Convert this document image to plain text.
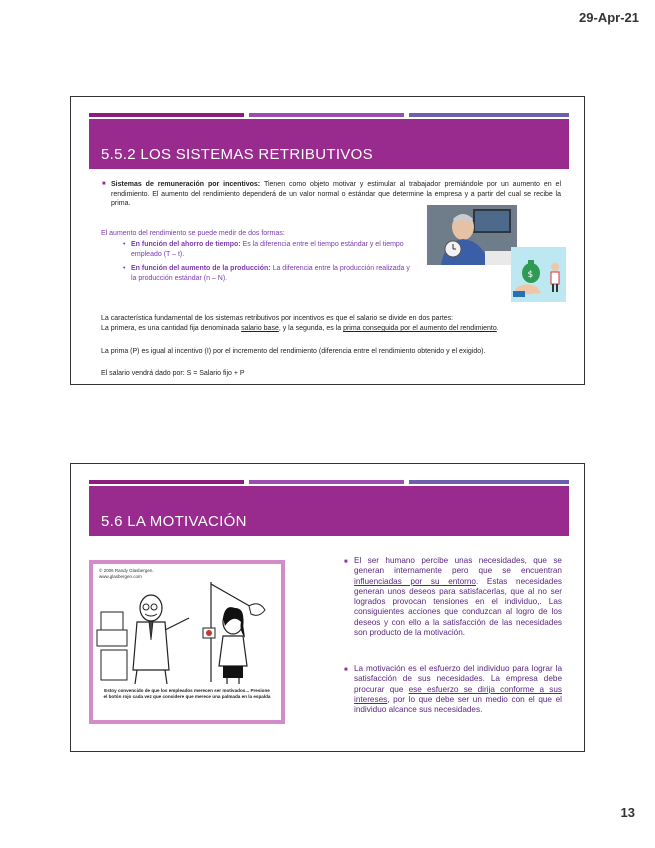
29-Apr-21
5.5.2 LOS SISTEMAS RETRIBUTIVOS
■ Sistemas de remuneración por incentivos: Tienen como objeto motivar y estimular al trabajador premiándole por un aumento en el rendimiento. El aumento del rendimiento dependerá de un valor normal o estándar que determine la empresa y a partir del cual se recibe la prima.
El aumento del rendimiento se puede medir de dos formas:
• En función del ahorro de tiempo: Es la diferencia entre el tiempo estándar y el tiempo empleado (T – t).
• En función del aumento de la producción: La diferencia entre la producción realizada y la producción estándar (n – N).	$
La característica fundamental de los sistemas retributivos por incentivos es que el salario se divide en dos partes:
La primera, es una cantidad fija denominada salario base, y la segunda, es la prima conseguida por el aumento del rendimiento.
La prima (P) es igual al incentivo (I) por el incremento del rendimiento (diferencia entre el rendimiento obtenido y el exigido).
El salario vendrá dado por: S = Salario fijo + P
5.6 LA MOTIVACIÓN
© 2006 Randy Glasbergen.
www.glasbergen.com
Estoy convencido de que los empleados merecen ser motivados... Presione el botón rojo cada vez que considere que merece una palmada en la espalda
■ El ser humano percibe unas necesidades, que se generan internamente pero que se encuentran influenciadas por su entorno. Estas necesidades generan unos deseos para satisfacerlas, que al no ser logrados provocan tensiones en el individuo,. Las consiguientes acciones que conduzcan al logro de los deseos y con ello a la satisfacción de las necesidades son producto de la motivación.
■ La motivación es el esfuerzo del individuo para lograr la satisfacción de sus necesidades. La empresa debe procurar que ese esfuerzo se dirija conforme a sus intereses, por lo que debe ser un medio con el que el individuo alcance sus necesidades.
13
